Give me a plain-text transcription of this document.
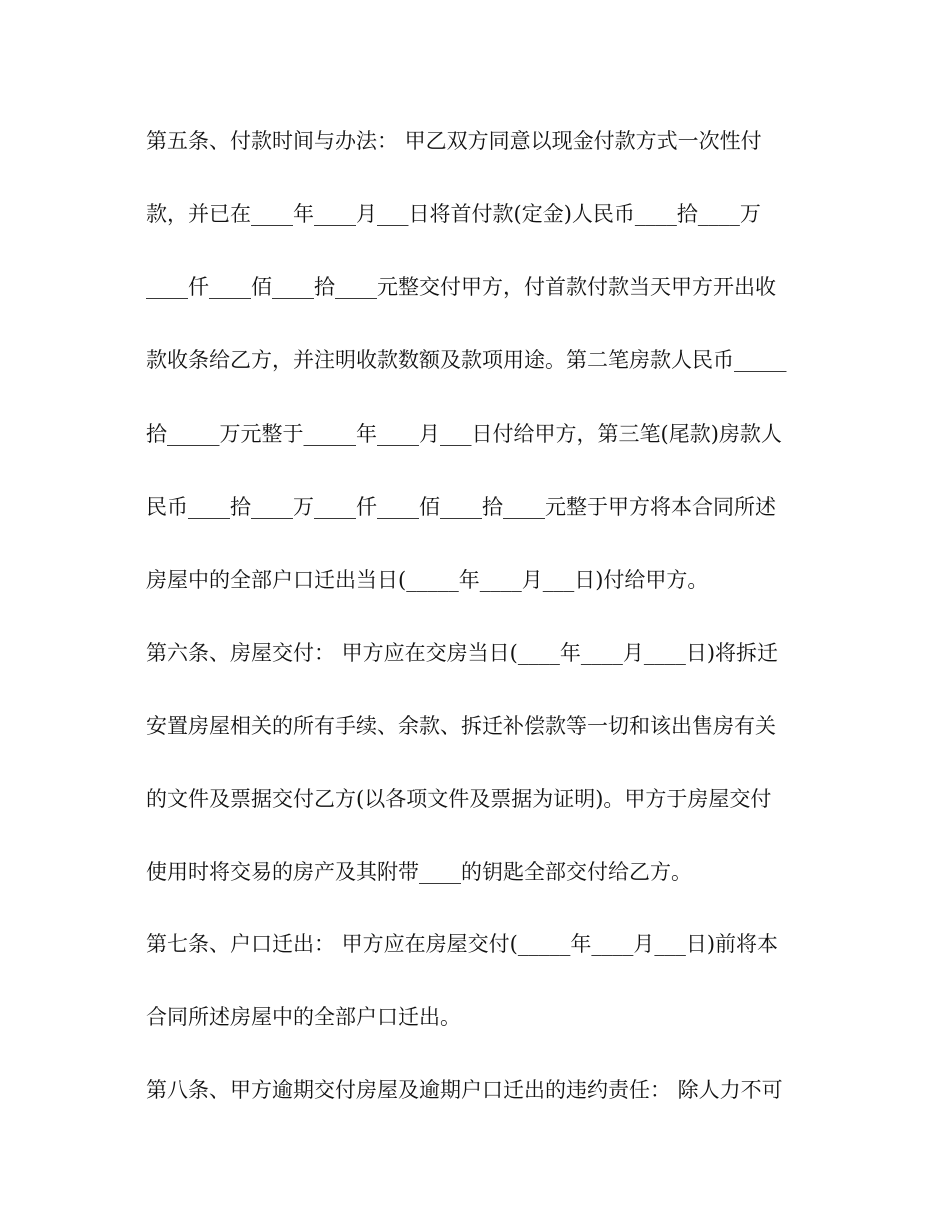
第五条、付款时间与办法： 甲乙双方同意以现金付款方式一次性付

款，并已在____年____月___日将首付款(定金)人民币____拾____万

____仟____佰____拾____元整交付甲方，付首款付款当天甲方开出收

款收条给乙方，并注明收款数额及款项用途。第二笔房款人民币_____

拾_____万元整于_____年____月___日付给甲方，第三笔(尾款)房款人

民币____拾____万____仟____佰____拾____元整于甲方将本合同所述

房屋中的全部户口迁出当日(_____年____月___日)付给甲方。

第六条、房屋交付： 甲方应在交房当日(____年____月____日)将拆迁

安置房屋相关的所有手续、余款、拆迁补偿款等一切和该出售房有关

的文件及票据交付乙方(以各项文件及票据为证明)。甲方于房屋交付

使用时将交易的房产及其附带____的钥匙全部交付给乙方。

第七条、户口迁出： 甲方应在房屋交付(_____年____月___日)前将本

合同所述房屋中的全部户口迁出。

第八条、甲方逾期交付房屋及逾期户口迁出的违约责任： 除人力不可
